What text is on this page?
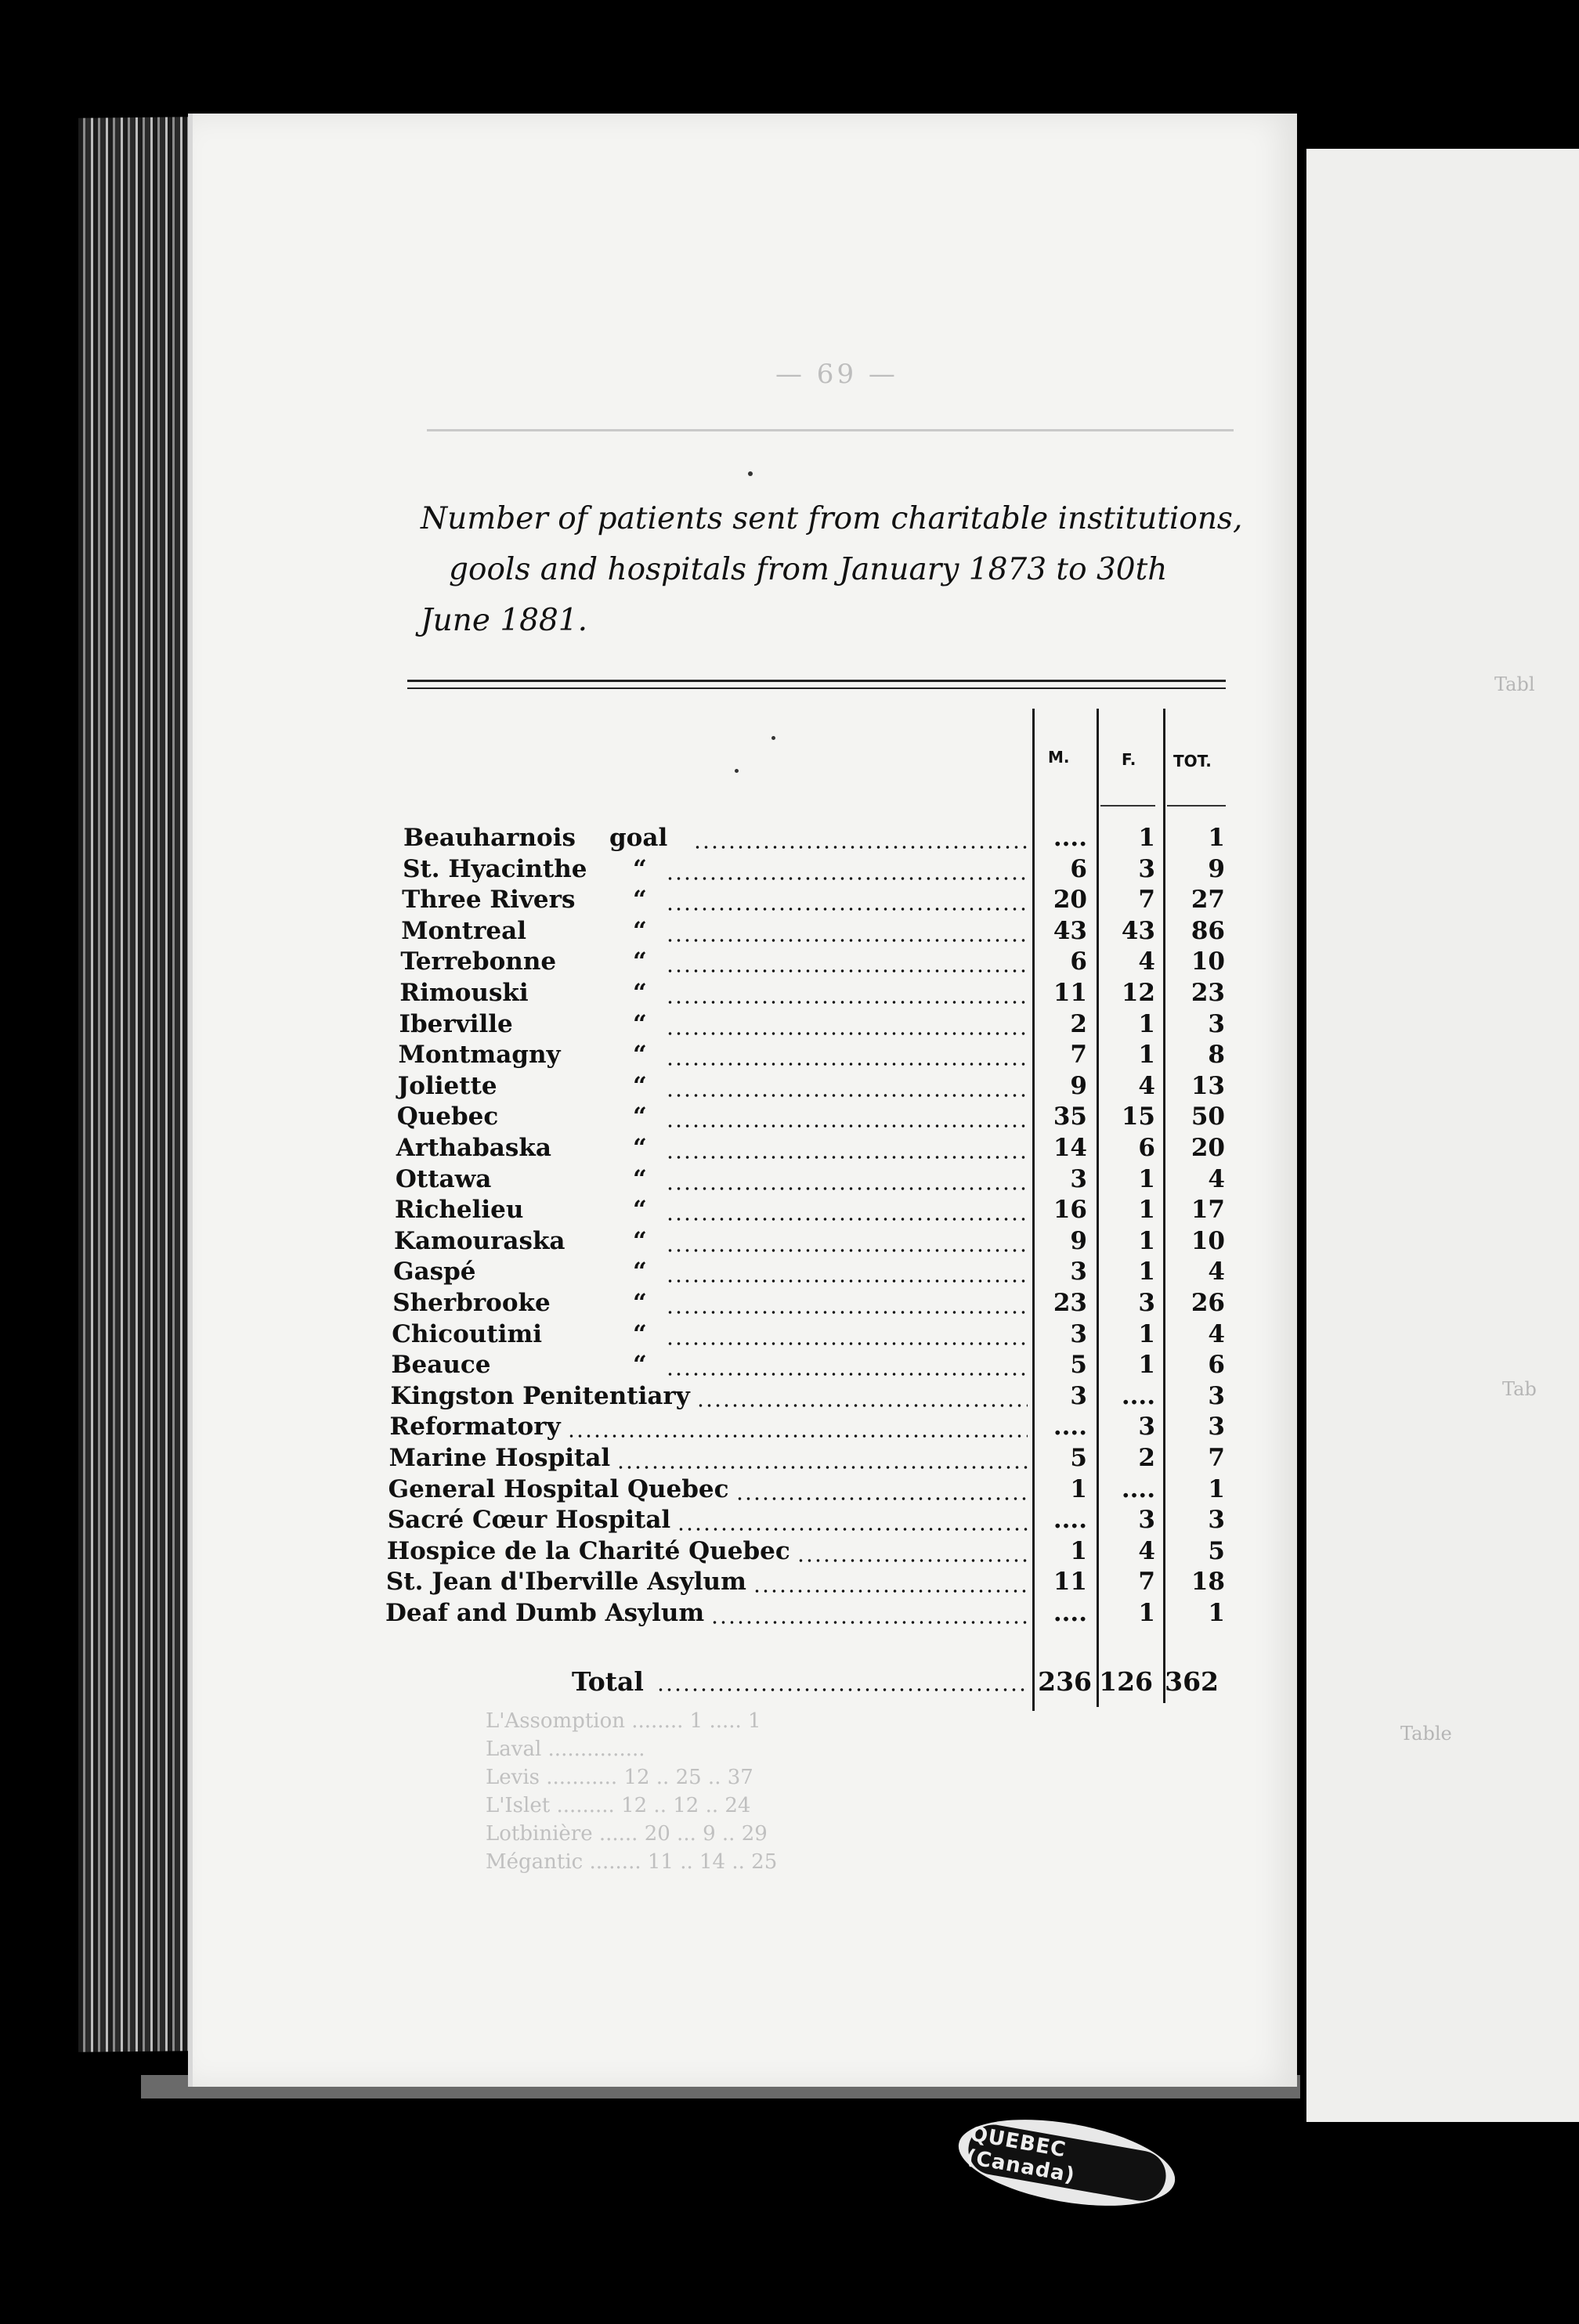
Tabl
Tab
Table
— 69 —
Number of patients sent from charitable institutions,
gools and hospitals from January 1873 to 30th
June 1881.
M.	F. TOT.
Beauharnois goal	....	1	1
St. Hyacinthe “	6	3	9
Three Rivers “	20	7	27
Montreal	“	43	43	86
Terrebonne	“	6	4	10
Rimouski	“	11	12	23
Iberville	“	2	1	3
Montmagny	“	7	1	8
Joliette	“	9	4	13
Quebec	“	35	15	50
Arthabaska	“	14	6	20
Ottawa	“	3	1	4
Richelieu	“	16	1	17
Kamouraska	“	9	1	10
Gaspé	“	3	1	4
Sherbrooke	“	23	3	26
Chicoutimi	“	3	1	4
Beauce	“	5	1	6
Kingston Penitentiary	3	....	3
Reformatory	....	3	3
Marine Hospital	5	2	7
General Hospital Quebec	1	....	1
Sacré Cœur Hospital	....	3	3
Hospice de la Charité Quebec	1	4	5
St. Jean d'Iberville Asylum	11	7	18
Deaf and Dumb Asylum	....	1	1
Total	236 126 362
L'Assomption ........ 1 ..... 1
Laval ...............
Levis ........... 12 .. 25 .. 37
L'Islet ......... 12 .. 12 .. 24
Lotbinière ...... 20 ... 9 .. 29
Mégantic ........ 11 .. 14 .. 25
QUEBEC (Canada)
